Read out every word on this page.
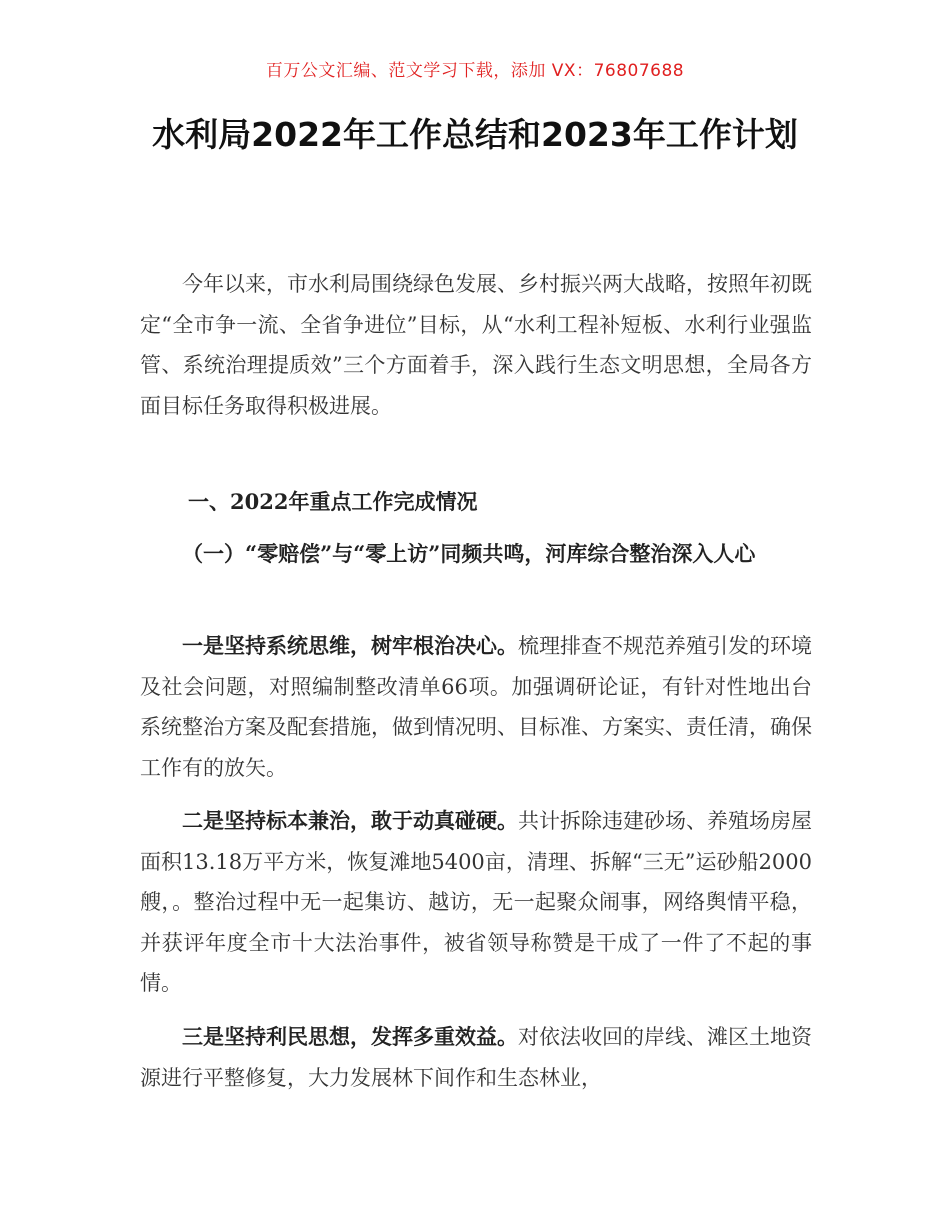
百万公文汇编、范文学习下载，添加 VX：76807688
水利局2022年工作总结和2023年工作计划

今年以来，市水利局围绕绿色发展、乡村振兴两大战略，按照年初既定“全市争一流、全省争进位”目标，从“水利工程补短板、水利行业强监管、系统治理提质效”三个方面着手，深入践行生态文明思想，全局各方面目标任务取得积极进展。

一、2022年重点工作完成情况
（一）“零赔偿”与“零上访”同频共鸣，河库综合整治深入人心

一是坚持系统思维，树牢根治决心。梳理排查不规范养殖引发的环境及社会问题，对照编制整改清单66项。加强调研论证，有针对性地出台系统整治方案及配套措施，做到情况明、目标准、方案实、责任清，确保工作有的放矢。

二是坚持标本兼治，敢于动真碰硬。共计拆除违建砂场、养殖场房屋面积13.18万平方米，恢复滩地5400亩，清理、拆解“三无”运砂船2000艘，。整治过程中无一起集访、越访，无一起聚众闹事，网络舆情平稳，并获评年度全市十大法治事件，被省领导称赞是干成了一件了不起的事情。

三是坚持利民思想，发挥多重效益。对依法收回的岸线、滩区土地资源进行平整修复，大力发展林下间作和生态林业，
